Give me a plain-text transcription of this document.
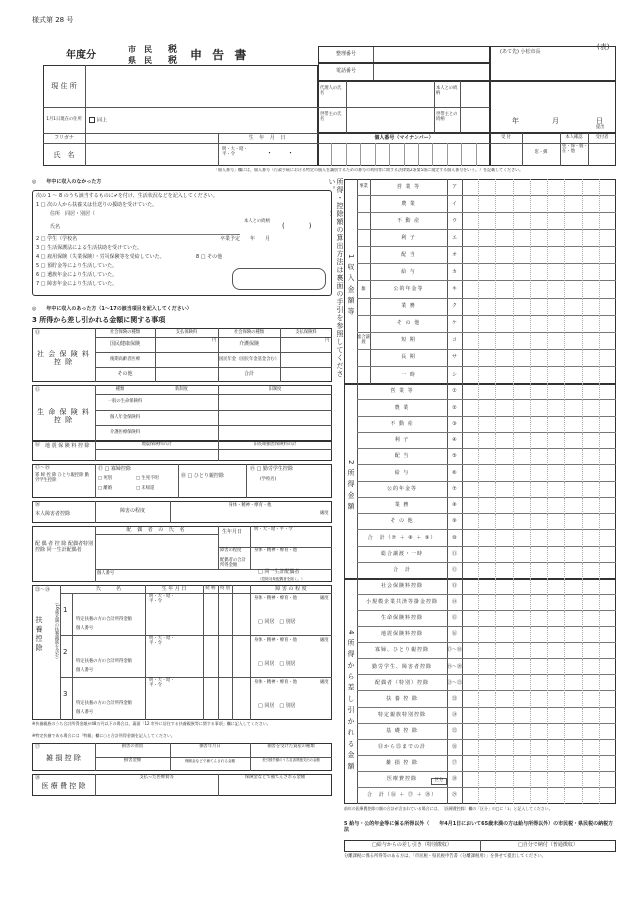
様式第 28 号
(表)
年度分
市　民
県　民
税
税 申 告 書	整理番号
電話番号
(あて先) 小松市長
現 住 所
1月1日現在の住所	同上
フリガナ
氏　名
生 年 月 日
明・大・昭・平・令	・・
代理人の氏名
本人との続柄
世帯主の氏名
世帯主との続柄	年	月	日
提出
個人番号（マイナンバー）	受 付	本人確認	受付者
窓・郵
免・保・個・在・他
「個人番号」欄には、個人番号（行政手続における特定の個人を識別するための番号の利用等に関する法律第2条第5項に規定する個人番号をいう。）を記載してください。
◎　　年中に収入のなかった方
次の 1 〜 8 のうち該当するものに✔を付け、生活状況などを記入してください。
1 □ 次の人から扶養又は仕送りの援助を受けていた。
住所　同居・別居（	)
氏名
本人との続柄
()
2 □ 学生（学校名	卒業予定　　年　　月
3 □ 生活保護法による生活扶助を受けていた。
4 □ 雇用保険（失業保険）・労災保険等を受給していた。	8 □ その他
5 □ 預貯金等により生活していた。
6 □ 遺族年金により生活していた。
7 □ 障害年金により生活していた。
◎　　年中に収入のあった方（1〜17の該当項目を記入してください）
3 所得から差し引かれる金額に関する事項
⑬
社 会 保 険 料 控 除
社会保険の種類	支払保険料	社会保険の種類	支払保険料
国民健康保険	介護保険
後期高齢者医療	国民年金（国民年金基金含む）
その他	合計
円	円
⑮
生 命 保 険 料 控 除
種類	新制度	旧制度
一般の生命保険料
個人年金保険料
介護医療保険料
⑯ 地 震 保 険 料 控 除	地震保険料の計	旧長期損害保険料の計
⑰〜⑲
寡 婦 控 除 ひとり親控除 勤労学生控除
⑰ □ 寡婦控除
□ 死別	□ 生死不明
□ 離婚	□ 未帰還
⑱ □ ひとり親控除
⑲ □ 勤労学生控除
(学校名)
⑳
本人障害者控除	障害の程度
身体・精神・療育・他
級度
配 偶 者 控 除 配偶者特別控除 同一生計配偶者
配 偶 者 の 氏 名	生年月日	明・大・昭・平・令
障害の程度	身体・精神・療育・他
配偶者の合計所得金額
個人番号	□ 同一生計配偶者
（控除対象配偶者を除く。）
㉓〜㉔
扶 養 控 除	（16歳未満の扶養親族を含む）
氏　　　名	生 年 月 日	続 柄	特 別	障 害 の 程 度
1
明・大・昭・平・令
身体・精神・療育・他	級度
特定扶養の方の合計所得金額
個人番号
□ 同居　□ 別居
2
明・大・昭・平・令
身体・精神・療育・他	級度
特定扶養の方の合計所得金額
個人番号
□ 同居　□ 別居
3
明・大・昭・平・令
身体・精神・療育・他	級度
特定扶養の方の合計所得金額
個人番号
□ 同居　□ 別居
※扶養親族のうち合計所得金額が48万円以下の場合は、裏面「12 市外に居住する扶養親族等に関する事項」欄に記入してください。
※特定扶養である場合には「特親」欄に○と合計所得金額を記入してください。
㉗
雑 損 控 除
損害の原因	損害年月日	損害を受けた資産の種類
損害金額	保険金などで補てんされる金額	差引損失額のうち災害関連支出の金額
㉘
医 療 費 控 除
支払った医療費等	保険金などで補てんされる金額
所得・控除額の算出方法は裏面の手引を参照してください。
1 収 入 金 額 等
事業	営 業 等	ア
農 業	イ
不 動 産	ウ
利 子	エ
配 当	オ
給 与	カ
雑	公的年金等	キ
業 務	ク
そ の 他	ケ
総合譲渡	短 期	コ
長 期	サ
一 時	シ
2 所 得 金 額
営 業 等	①
農 業	②
不 動 産	③
利 子	④
配 当	⑤
給 与	⑥
公的年金等	⑦
業 務	⑧
そ の 他	⑨
合　計（⑦ ＋ ⑧ ＋ ⑨）	⑩
総合譲渡・一時	⑪
合　計	⑫
4 所 得 か ら 差 し 引 か れ る 金 額
社会保険料控除	⑬
小規模企業共済等掛金控除	⑭
生命保険料控除	⑮
地震保険料控除	⑯
寡婦、ひとり親控除	⑰〜⑱
勤労学生、障害者控除	⑲〜⑳
配偶者（特別）控除	㉑〜㉒
扶 養 控 除	㉓
特定親族特別控除	㉔
基 礎 控 除	㉕
⑬から㉕までの計	㉖
雑 損 控 除	㉗
医療費控除	㉘
合　計（㉖ ＋ ㉗ ＋ ㉘）	㉙
区分
前年の医療費控除の額の合計が含まれている場合には、〔医療費控除〕欄の「区分」の□に「1」と記入してください。
5 給与・公的年金等に係る所得以外（　　年4月1日において65歳未満の方は給与所得以外）の市民税・県民税の納税方法
□給与からの差し引き（特別徴収）	□自分で納付（普通徴収）
分離課税に係る所得等のある方は、「市民税・県民税申告書（分離課税用）」を併せて提出してください。
